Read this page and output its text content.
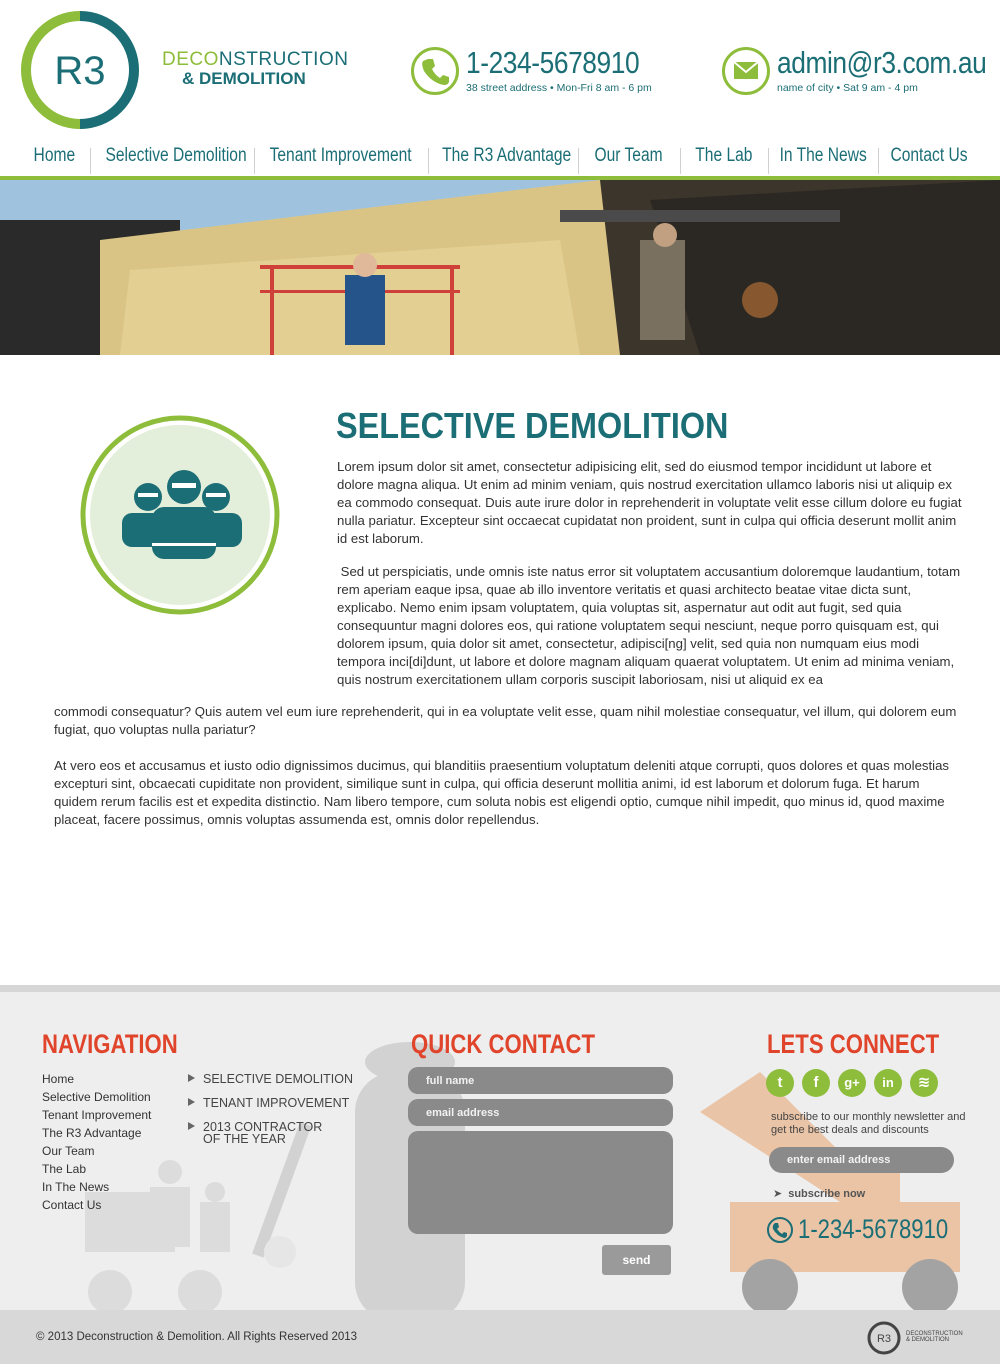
R3	DECONSTRUCTION
& DEMOLITION	1-234-5678910
38 street address • Mon-Fri 8 am - 6 pm
admin@r3.com.au
name of city • Sat 9 am - 4 pm
Home	Selective Demolition	Tenant Improvement	The R3 Advantage	Our Team	The Lab	In The News	Contact Us
SELECTIVE DEMOLITION

Lorem ipsum dolor sit amet, consectetur adipisicing elit, sed do eiusmod tempor incididunt ut labore et dolore magna aliqua. Ut enim ad minim veniam, quis nostrud exercitation ullamco laboris nisi ut aliquip ex ea commodo consequat. Duis aute irure dolor in reprehenderit in voluptate velit esse cillum dolore eu fugiat nulla pariatur. Excepteur sint occaecat cupidatat non proident, sunt in culpa qui officia deserunt mollit anim id est laborum.

Sed ut perspiciatis, unde omnis iste natus error sit voluptatem accusantium doloremque laudantium, totam rem aperiam eaque ipsa, quae ab illo inventore veritatis et quasi architecto beatae vitae dicta sunt, explicabo. Nemo enim ipsam voluptatem, quia voluptas sit, aspernatur aut odit aut fugit, sed quia consequuntur magni dolores eos, qui ratione voluptatem sequi nesciunt, neque porro quisquam est, qui dolorem ipsum, quia dolor sit amet, consectetur, adipisci[ng] velit, sed quia non numquam eius modi tempora inci[di]dunt, ut labore et dolore magnam aliquam quaerat voluptatem. Ut enim ad minima veniam, quis nostrum exercitationem ullam corporis suscipit laboriosam, nisi ut aliquid ex ea

commodi consequatur? Quis autem vel eum iure reprehenderit, qui in ea voluptate velit esse, quam nihil molestiae consequatur, vel illum, qui dolorem eum fugiat, quo voluptas nulla pariatur?

At vero eos et accusamus et iusto odio dignissimos ducimus, qui blanditiis praesentium voluptatum deleniti atque corrupti, quos dolores et quas molestias excepturi sint, obcaecati cupiditate non provident, similique sunt in culpa, qui officia deserunt mollitia animi, id est laborum et dolorum fuga. Et harum quidem rerum facilis est et expedita distinctio. Nam libero tempore, cum soluta nobis est eligendi optio, cumque nihil impedit, quo minus id, quod maxime placeat, facere possimus, omnis voluptas assumenda est, omnis dolor repellendus.

NAVIGATION
Home
Selective Demolition
Tenant Improvement
The R3 Advantage
Our Team
The Lab
In The News
Contact Us
SELECTIVE DEMOLITION
TENANT IMPROVEMENT
2013 CONTRACTOR
OF THE YEAR
QUICK CONTACT
full name
email address
send
LETS CONNECT
t	f	g+	in	≋
subscribe to our monthly newsletter and get the best deals and discounts
enter email address
➤ subscribe now
1-234-5678910
© 2013 Deconstruction & Demolition. All Rights Reserved 2013	R3 DECONSTRUCTION
& DEMOLITION
